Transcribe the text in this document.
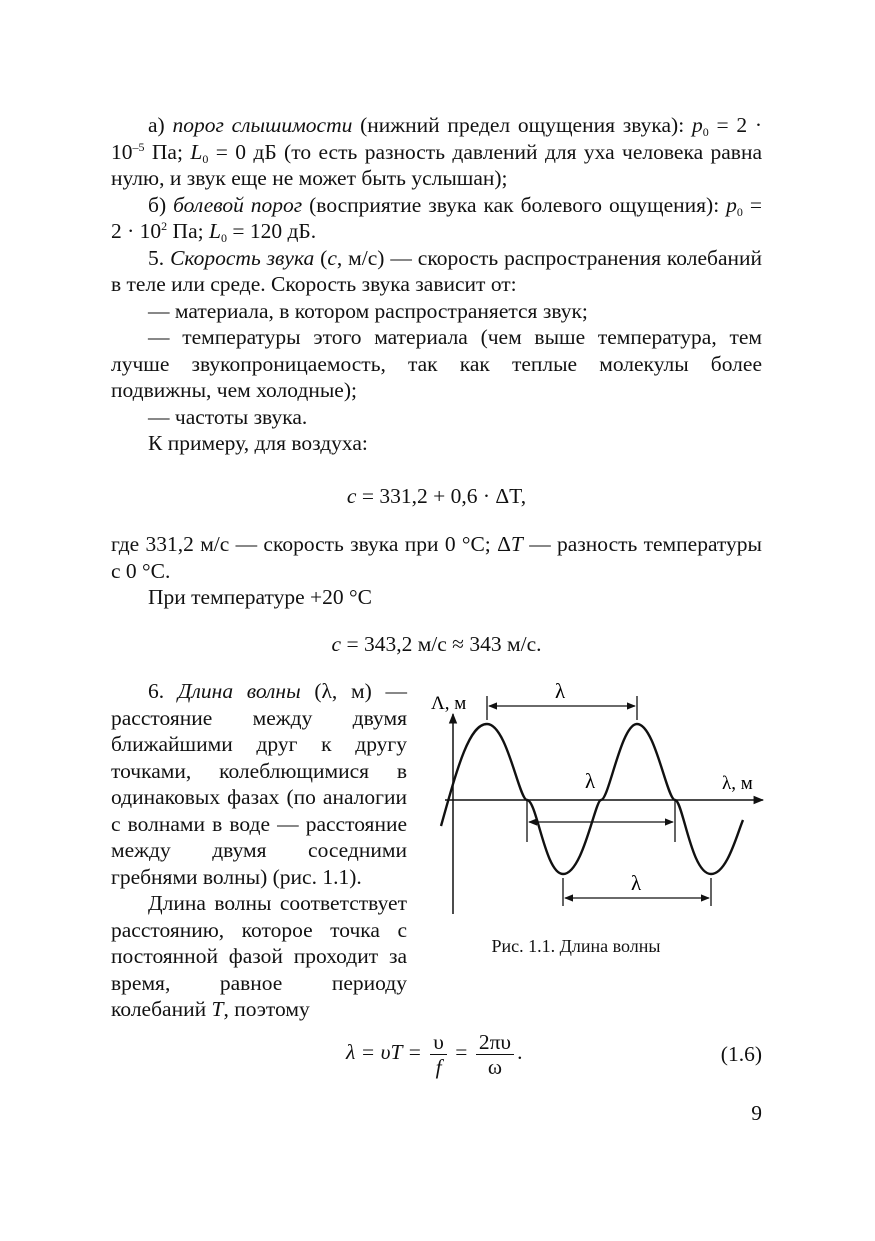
а) порог слышимости (нижний предел ощущения звука): $p_0 = 2 \cdot 10^{-5}$ Па; $L_0 = 0$ дБ (то есть разность давлений для уха человека равна нулю, и звук еще не может быть услышан);

б) болевой порог (восприятие звука как болевого ощущения): $p_0 = 2 \cdot 10^2$ Па; $L_0 = 120$ дБ.

5. Скорость звука (c, м/с) — скорость распространения колебаний в теле или среде. Скорость звука зависит от:

— материала, в котором распространяется звук;

— температуры этого материала (чем выше температура, тем лучше звукопроницаемость, так как теплые молекулы более подвижны, чем холодные);

— частоты звука.

К примеру, для воздуха:

c = 331,2 + 0,6 · ΔT,

где 331,2 м/с — скорость звука при 0 °С; ΔT — разность температуры с 0 °С.

При температуре +20 °С

c = 343,2 м/с ≈ 343 м/с.

6. Длина волны (λ, м) — расстояние между двумя ближайшими друг к другу точками, колеблющимися в одинаковых фазах (по аналогии с волнами в воде — расстояние между двумя соседними гребнями волны) (рис. 1.1).

Длина волны соответствует расстоянию, которое точка с постоянной фазой проходит за время, равное периоду колебаний T, поэтому

Λ, м
λ, м
λ
λ
λ
Рис. 1.1. Длина волны
$\lambda = \upsilon T = \frac{\upsilon}{f} = \frac{2\pi\upsilon}{\omega}$ .	(1.6)
9
